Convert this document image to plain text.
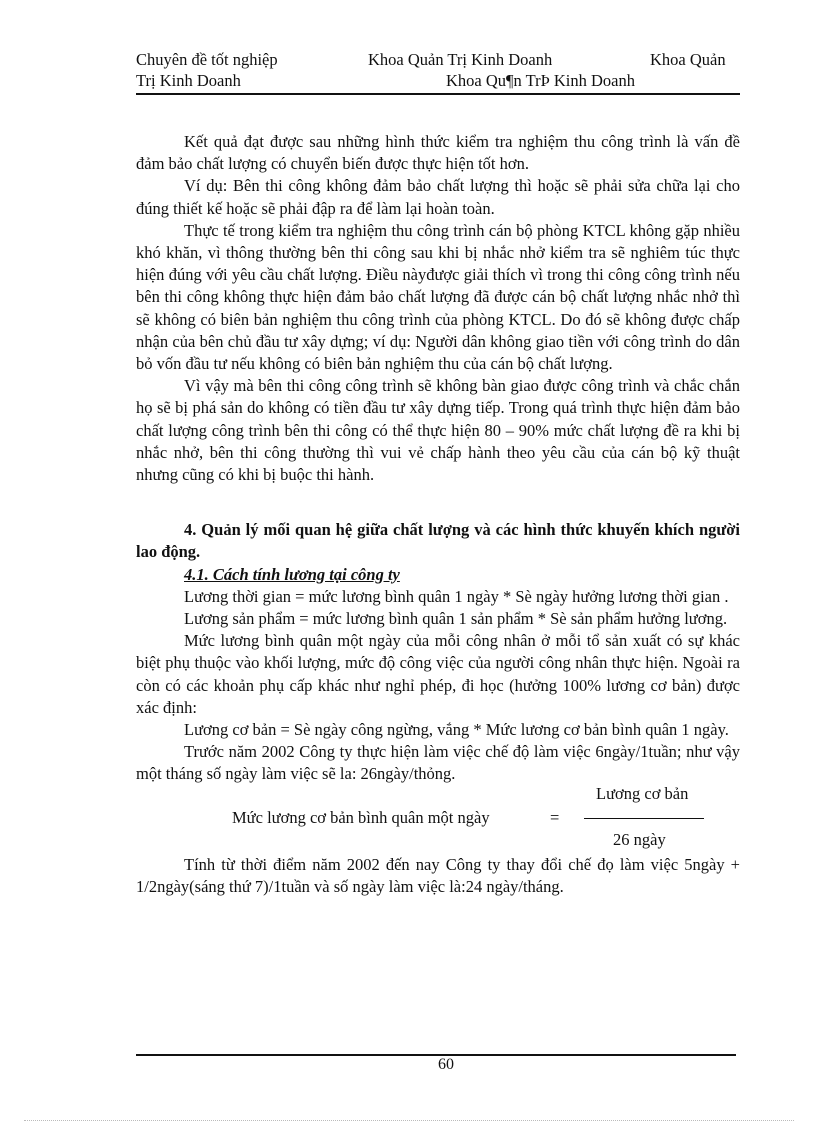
Chuyên đề tốt nghiệp	Khoa Quản Trị Kinh Doanh	Khoa Quản
Trị Kinh Doanh	Khoa Qu¶n TrÞ Kinh Doanh

Kết quả đạt được sau những hình thức kiểm tra nghiệm thu công trình là vấn đề đảm bảo chất lượng có chuyển biến được thực hiện tốt hơn.

Ví dụ: Bên thi công không đảm bảo chất lượng thì hoặc sẽ phải sửa chữa lại cho đúng thiết kế hoặc sẽ phải đập ra để làm lại hoàn toàn.

Thực tế trong kiểm tra nghiệm thu công trình cán bộ phòng KTCL không gặp nhiều khó khăn, vì thông thường bên thi công sau khi bị nhắc nhở kiểm tra sẽ nghiêm túc thực hiện đúng với yêu cầu chất lượng. Điều nàyđược giải thích vì trong thi công công trình nếu bên thi công không thực hiện đảm bảo chất lượng đã được cán bộ chất lượng nhắc nhở thì sẽ không có biên bản nghiệm thu công trình của phòng KTCL. Do đó sẽ không được chấp nhận của bên chủ đầu tư xây dựng; ví dụ: Người dân không giao tiền với công trình do dân bỏ vốn đầu tư nếu không có biên bản nghiệm thu của cán bộ chất lượng.

Vì vậy mà bên thi công công trình sẽ không bàn giao được công trình và chắc chắn họ sẽ bị phá sản do không có tiền đầu tư xây dựng tiếp. Trong quá trình thực hiện đảm bảo chất lượng công trình bên thi công có thể thực hiện 80 – 90% mức chất lượng đề ra khi bị nhắc nhở, bên thi công thường thì vui vẻ chấp hành theo yêu cầu của cán bộ kỹ thuật nhưng cũng có khi bị buộc thi hành.

4. Quản lý mối quan hệ giữa chất lượng và các hình thức khuyến khích người lao động.

4.1. Cách tính lương tại công ty

Lương thời gian = mức lương bình quân 1 ngày * Sè ngày hưởng lương thời gian .

Lương sản phẩm = mức lương bình quân 1 sản phẩm * Sè sản phẩm hưởng lương.

Mức lương bình quân một ngày của mỗi công nhân ở mỗi tổ sản xuất có sự khác biệt phụ thuộc vào khối lượng, mức độ công việc của người công nhân thực hiện. Ngoài ra còn có các khoản phụ cấp khác như nghỉ phép, đi học (hưởng 100% lương cơ bản) được xác định:

Lương cơ bản = Sè ngày công ngừng, vắng * Mức lương cơ bản bình quân 1 ngày.

Trước năm 2002 Công ty thực hiện làm việc chế độ làm việc 6ngày/1tuần; như vậy một tháng số ngày làm việc sẽ la: 26ngày/thỏng.

Mức lương cơ bản bình quân một ngày	=
Lương cơ bản
26 ngày

Tính từ thời điểm năm 2002 đến nay Công ty thay đổi chế đọ làm việc 5ngày + 1/2ngày(sáng thứ 7)/1tuần và số ngày làm việc là:24 ngày/tháng.

60
